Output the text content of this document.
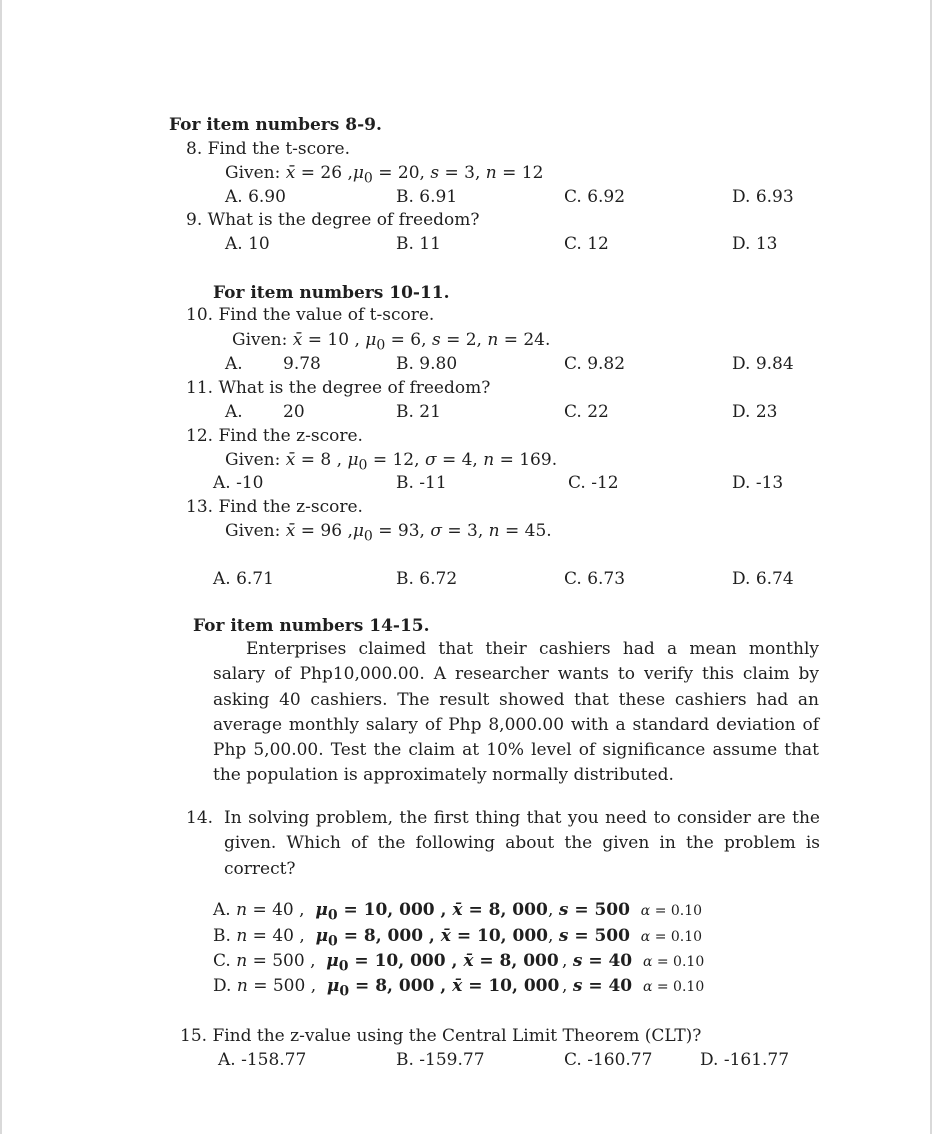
For item numbers 8-9.
8. Find the t-score.
Given: x̄ = 26 $,\mu_0 = 20$, s = 3, n = 12
A. 6.90	B. 6.91	C. 6.92	D. 6.93
9. What is the degree of freedom?
A. 10	B. 11	C. 12	D. 13
For item numbers 10-11.
10. Find the value of t-score.
Given: x̄ = 10 , $\mu_0 = 6$, s = 2, n = 24.
A. 9.78	B. 9.80	C. 9.82	D. 9.84
11. What is the degree of freedom?
A. 20	B. 21	C. 22	D. 23
12. Find the z-score.
Given: x̄ = 8 , $\mu_0 = 12$, σ = 4, n = 169.
A. -10	B. -11	C. -12	D. -13
13. Find the z-score.
Given: x̄ = 96 $,\mu_0 = 93$, σ = 3, n = 45.
A. 6.71	B. 6.72	C. 6.73	D. 6.74
For item numbers 14-15.
Enterprises claimed that their cashiers had a mean monthly salary of Php10,000.00. A researcher wants to verify this claim by asking 40 cashiers. The result showed that these cashiers had an average monthly salary of Php 8,000.00 with a standard deviation of Php 5,00.00. Test the claim at 10% level of significance assume that the population is approximately normally distributed.
14. In solving problem, the first thing that you need to consider are the given. Which of the following about the given in the problem is correct?
A. n = 40 , $\mu_0 = 10$, 000 , x̄ = 8, 000 , s = 500 α = 0.10
B. n = 40 , $\mu_0 = 8$, 000 , x̄ = 10, 000 , s = 500 α = 0.10
C. n = 500 , $\mu_0 = 10$, 000 , x̄ = 8, 000 , s = 40 α = 0.10
D. n = 500 , $\mu_0 = 8$, 000 , x̄ = 10, 000 , s = 40 α = 0.10
15. Find the z-value using the Central Limit Theorem (CLT)?
A. -158.77	B. -159.77	C. -160.77	D. -161.77
